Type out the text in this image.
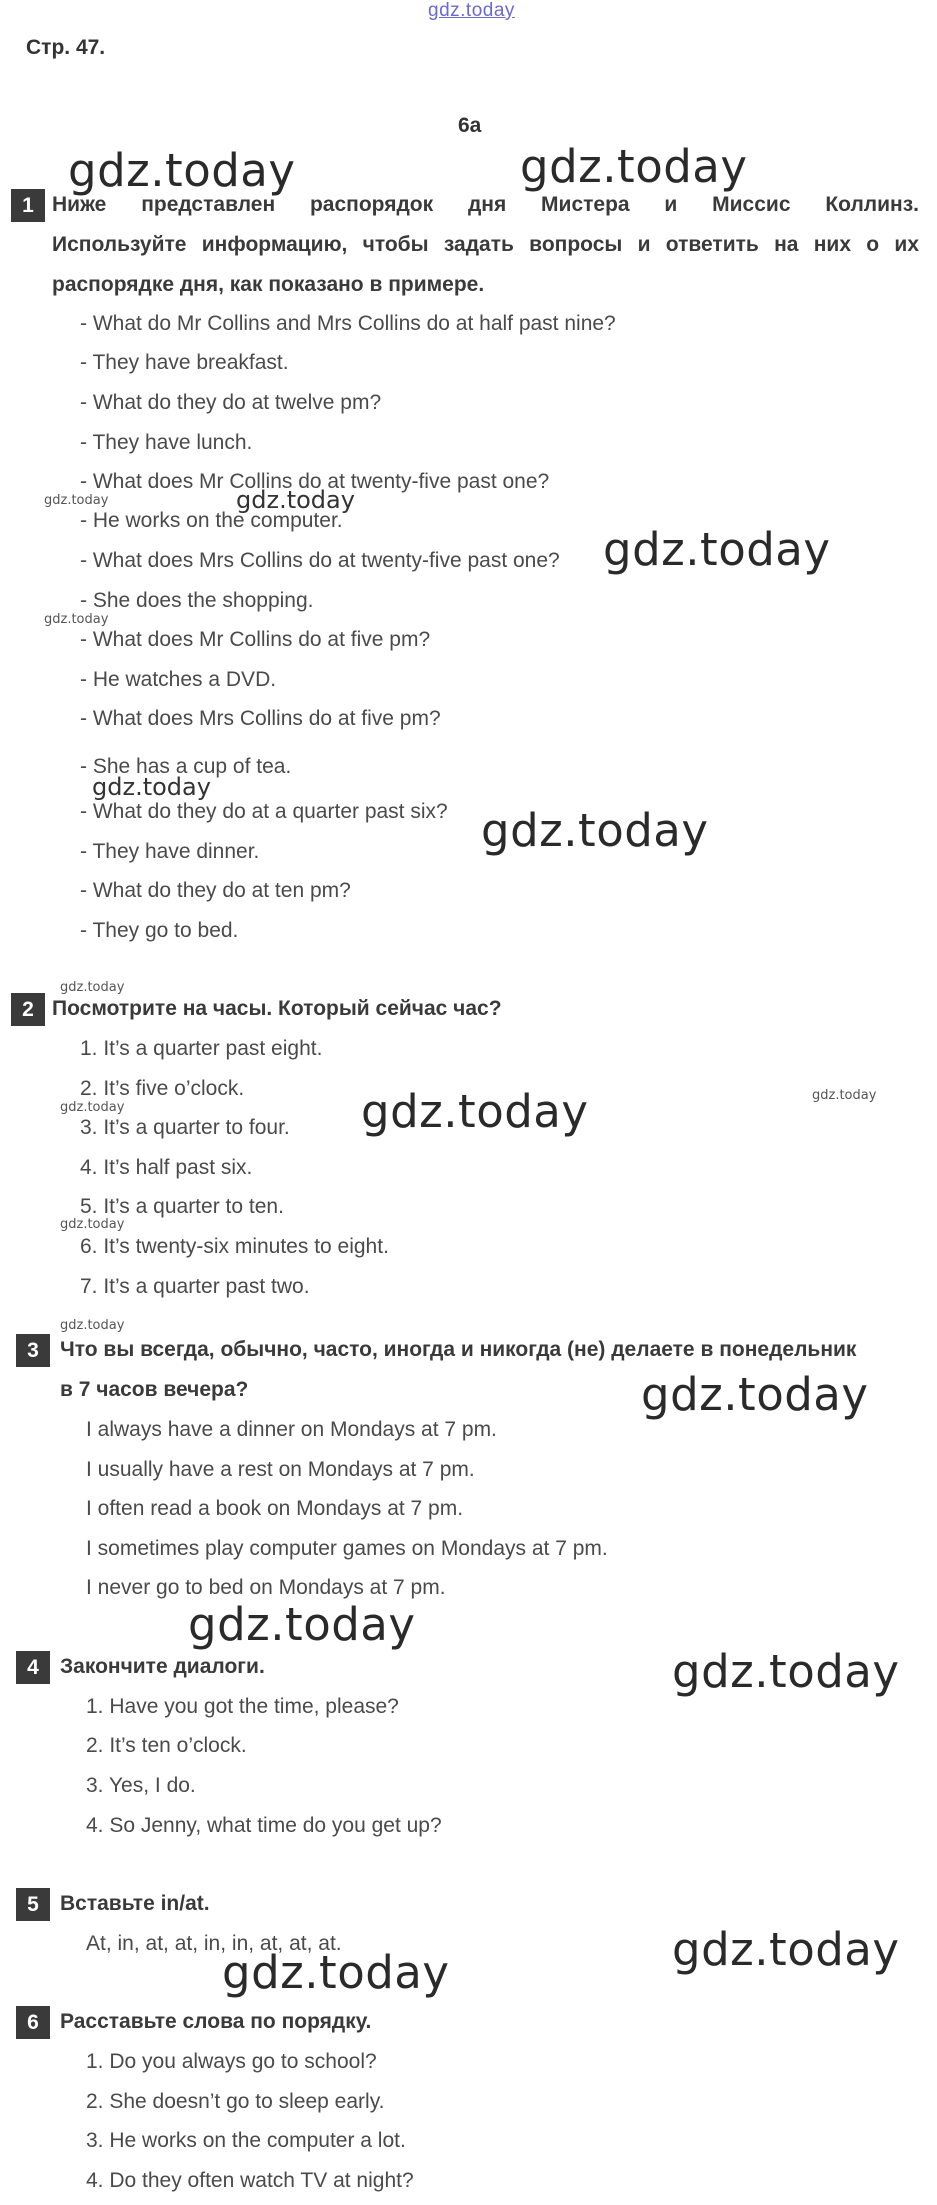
gdz.today
Стр. 47.
6a
gdz.today	gdz.today
gdz.today
gdz.today
gdz.today
gdz.today
gdz.today
gdz.today
gdz.today
gdz.today
gdz.today
gdz.today
gdz.today
gdz.today
gdz.today
gdz.today
gdz.today
gdz.today
gdz.today
1 Ниже представлен распорядок дня Мистера и Миссис Коллинз.
Используйте информацию, чтобы задать вопросы и ответить на них о их
распорядке дня, как показано в примере.
- What do Mr Collins and Mrs Collins do at half past nine?
- They have breakfast.
- What do they do at twelve pm?
- They have lunch.
- What does Mr Collins do at twenty-five past one?
- He works on the computer.
- What does Mrs Collins do at twenty-five past one?
- She does the shopping.
- What does Mr Collins do at five pm?
- He watches a DVD.
- What does Mrs Collins do at five pm?
- She has a cup of tea.
- What do they do at a quarter past six?
- They have dinner.
- What do they do at ten pm?
- They go to bed.
2 Посмотрите на часы. Который сейчас час?
1. It’s a quarter past eight.
2. It’s five o’clock.
3. It’s a quarter to four.
4. It’s half past six.
5. It’s a quarter to ten.
6. It’s twenty-six minutes to eight.
7. It’s a quarter past two.
3	Что вы всегда, обычно, часто, иногда и никогда (не) делаете в понедельник
в 7 часов вечера?
I always have a dinner on Mondays at 7 pm.
I usually have a rest on Mondays at 7 pm.
I often read a book on Mondays at 7 pm.
I sometimes play computer games on Mondays at 7 pm.
I never go to bed on Mondays at 7 pm.
4	Закончите диалоги.
1. Have you got the time, please?
2. It’s ten o’clock.
3. Yes, I do.
4. So Jenny, what time do you get up?
5	Вставьте in/at.
At, in, at, at, in, in, at, at, at.
6	Расставьте слова по порядку.
1. Do you always go to school?
2. She doesn’t go to sleep early.
3. He works on the computer a lot.
4. Do they often watch TV at night?
